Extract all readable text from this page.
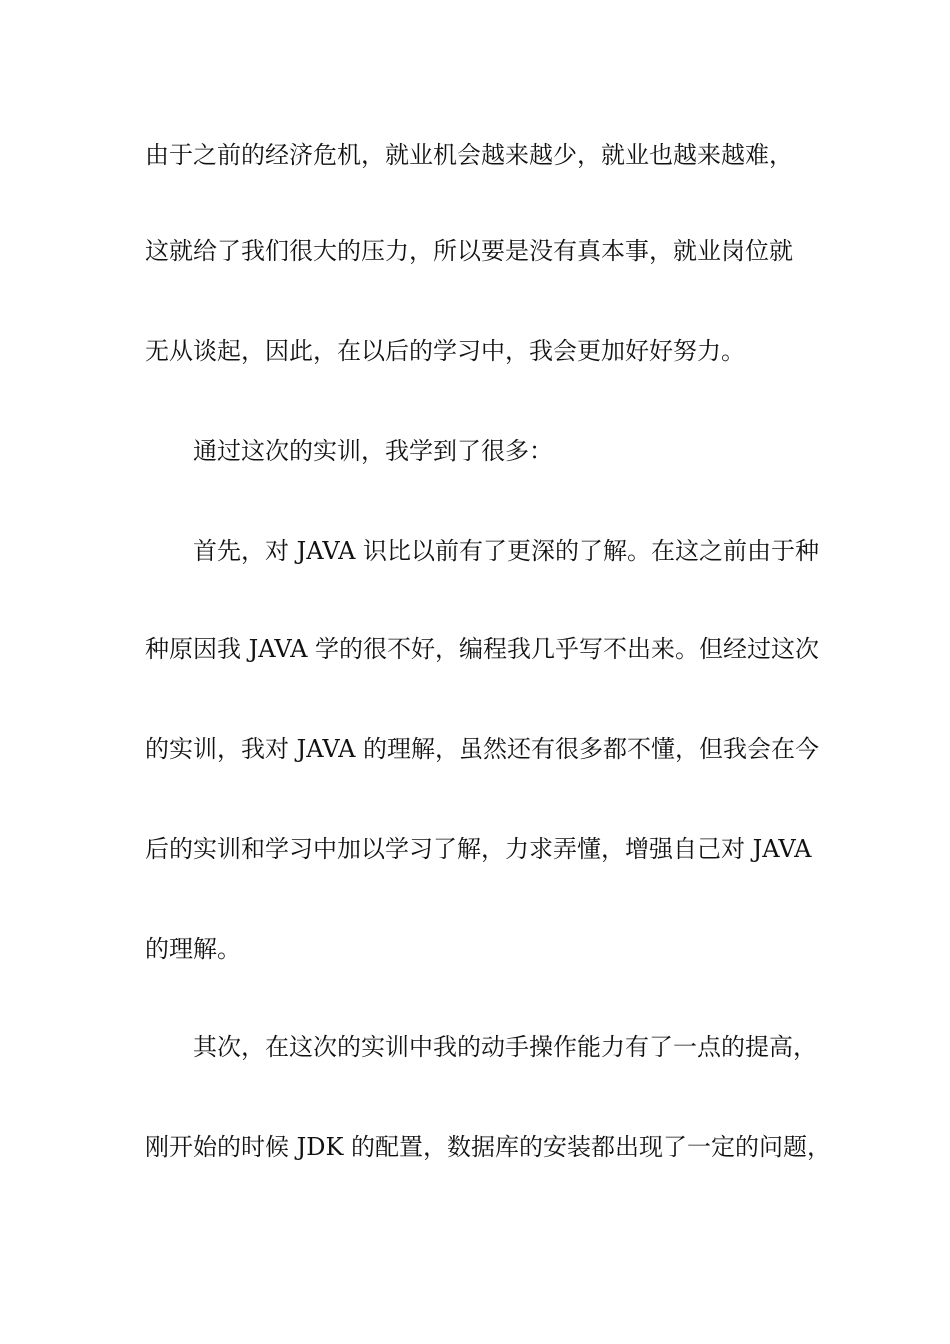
由于之前的经济危机，就业机会越来越少，就业也越来越难，
这就给了我们很大的压力，所以要是没有真本事，就业岗位就
无从谈起，因此，在以后的学习中，我会更加好好努力。
通过这次的实训，我学到了很多：
首先，对 JAVA 识比以前有了更深的了解。在这之前由于种
种原因我 JAVA 学的很不好，编程我几乎写不出来。但经过这次
的实训，我对 JAVA 的理解，虽然还有很多都不懂，但我会在今
后的实训和学习中加以学习了解，力求弄懂，增强自己对 JAVA
的理解。
其次，在这次的实训中我的动手操作能力有了一点的提高，
刚开始的时候 JDK 的配置，数据库的安装都出现了一定的问题，
